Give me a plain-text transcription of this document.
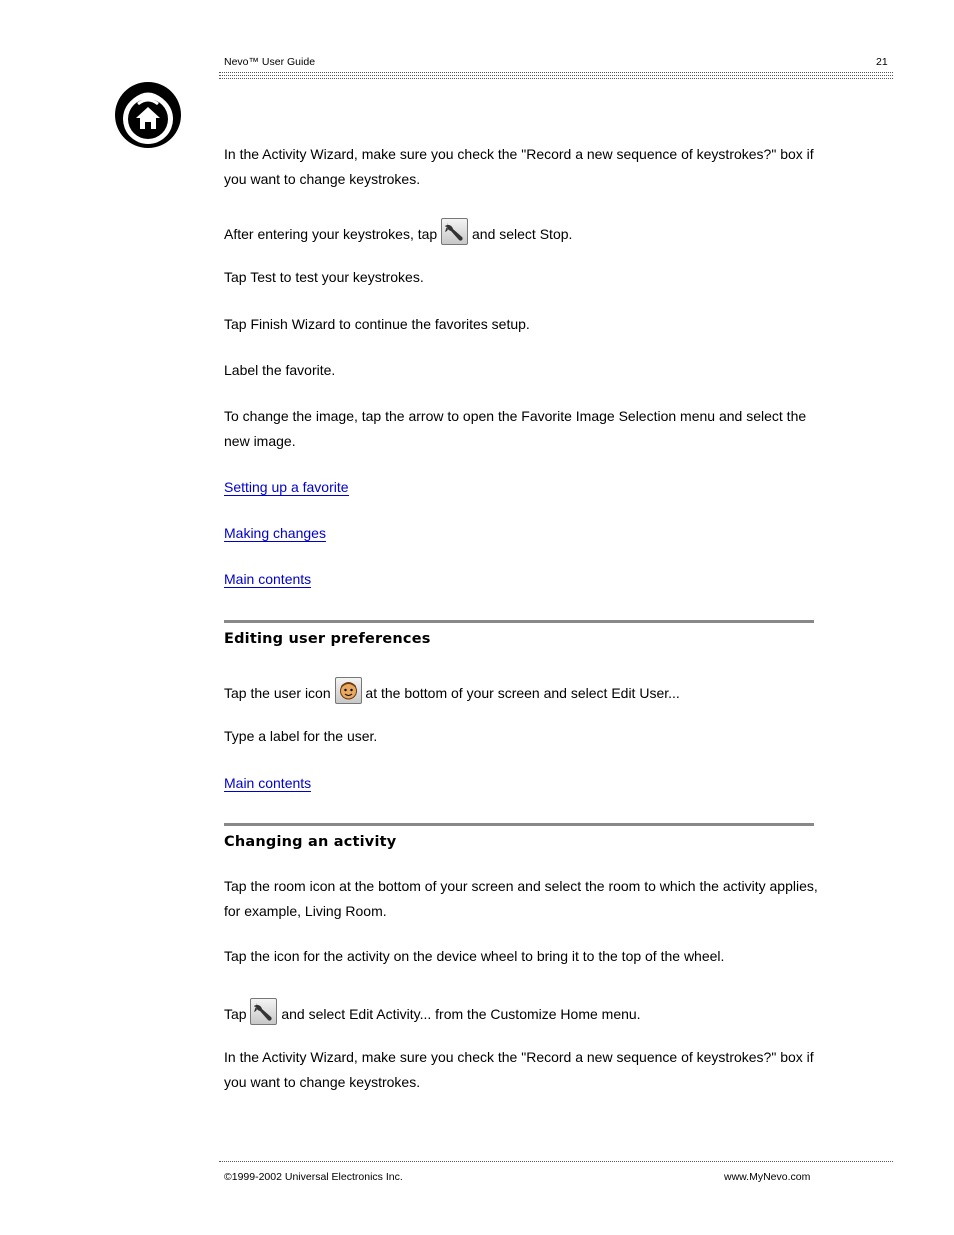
Nevo™ User Guide	21
In the Activity Wizard, make sure you check the "Record a new sequence of keystrokes?" box if you want to change keystrokes.
After entering your keystrokes, tap and select Stop.
Tap Test to test your keystrokes.
Tap Finish Wizard to continue the favorites setup.
Label the favorite.
To change the image, tap the arrow to open the Favorite Image Selection menu and select the new image.
Setting up a favorite
Making changes
Main contents
Editing user preferences
Tap the user icon at the bottom of your screen and select Edit User...
Type a label for the user.
Main contents
Changing an activity
Tap the room icon at the bottom of your screen and select the room to which the activity applies, for example, Living Room.
Tap the icon for the activity on the device wheel to bring it to the top of the wheel.
Tap and select Edit Activity... from the Customize Home menu.
In the Activity Wizard, make sure you check the "Record a new sequence of keystrokes?" box if you want to change keystrokes.
©1999-2002 Universal Electronics Inc.	www.MyNevo.com
